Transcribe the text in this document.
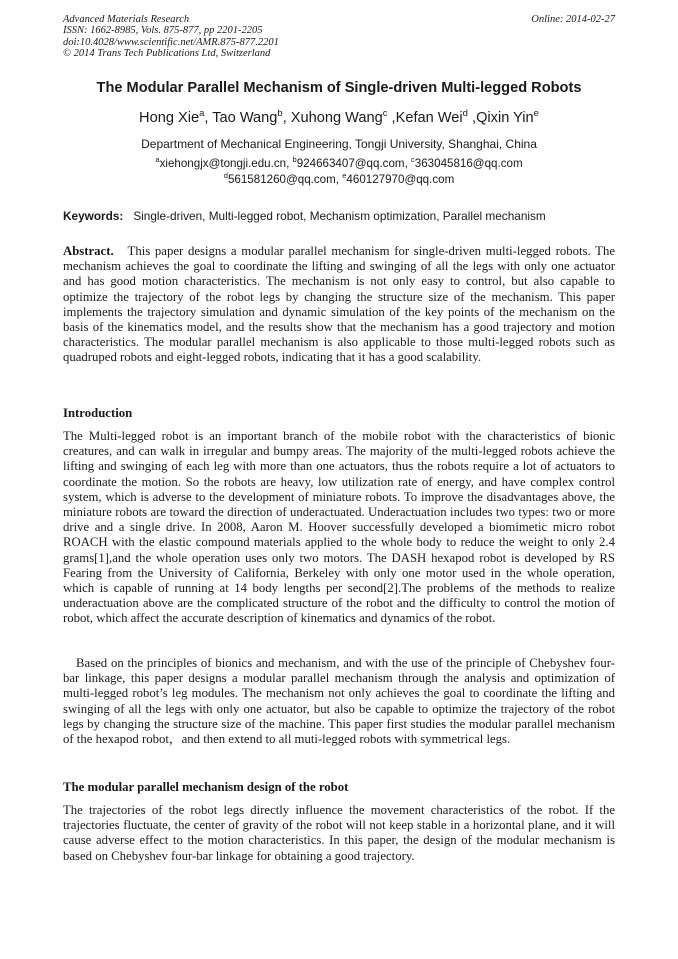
Advanced Materials Research
ISSN: 1662-8985, Vols. 875-877, pp 2201-2205
doi:10.4028/www.scientific.net/AMR.875-877.2201
© 2014 Trans Tech Publications Ltd, Switzerland
Online: 2014-02-27
The Modular Parallel Mechanism of Single-driven Multi-legged Robots
Hong Xie$^a$, Tao Wang$^b$, Xuhong Wang$^c$ ,Kefan Wei$^d$ ,Qixin Yin$^e$
Department of Mechanical Engineering, Tongji University, Shanghai, China
$^a$xiehongjx@tongji.edu.cn, $^b$924663407@qq.com, $^c$363045816@qq.com
$^d$561581260@qq.com, $^e$460127970@qq.com
Keywords: Single-driven, Multi-legged robot, Mechanism optimization, Parallel mechanism
Abstract. This paper designs a modular parallel mechanism for single-driven multi-legged robots. The mechanism achieves the goal to coordinate the lifting and swinging of all the legs with only one actuator and has good motion characteristics. The mechanism is not only easy to control, but also capable to optimize the trajectory of the robot legs by changing the structure size of the mechanism. This paper implements the trajectory simulation and dynamic simulation of the key points of the mechanism on the basis of the kinematics model, and the results show that the mechanism has a good trajectory and motion characteristics. The modular parallel mechanism is also applicable to those multi-legged robots such as quadruped robots and eight-legged robots, indicating that it has a good scalability.
Introduction
The Multi-legged robot is an important branch of the mobile robot with the characteristics of bionic creatures, and can walk in irregular and bumpy areas. The majority of the multi-legged robots achieve the lifting and swinging of each leg with more than one actuators, thus the robots require a lot of actuators to coordinate the motion. So the robots are heavy, low utilization rate of energy, and have complex control system, which is adverse to the development of miniature robots. To improve the disadvantages above, the miniature robots are toward the direction of underactuated. Underactuation includes two types: two or more drive and a single drive. In 2008, Aaron M. Hoover successfully developed a biomimetic micro robot ROACH with the elastic compound materials applied to the whole body to reduce the weight to only 2.4 grams[1],and the whole operation uses only two motors. The DASH hexapod robot is developed by RS Fearing from the University of California, Berkeley with only one motor used in the whole operation, which is capable of running at 14 body lengths per second[2].The problems of the methods to realize underactuation above are the complicated structure of the robot and the difficulty to control the motion of robot, which affect the accurate description of kinematics and dynamics of the robot.
Based on the principles of bionics and mechanism, and with the use of the principle of Chebyshev four-bar linkage, this paper designs a modular parallel mechanism through the analysis and optimization of multi-legged robot’s leg modules. The mechanism not only achieves the goal to coordinate the lifting and swinging of all the legs with only one actuator, but also be capable to optimize the trajectory of the robot legs by changing the structure size of the machine. This paper first studies the modular parallel mechanism of the hexapod robot，and then extend to all muti-legged robots with symmetrical legs.
The modular parallel mechanism design of the robot
The trajectories of the robot legs directly influence the movement characteristics of the robot. If the trajectories fluctuate, the center of gravity of the robot will not keep stable in a horizontal plane, and it will cause adverse effect to the motion characteristics. In this paper, the design of the modular mechanism is based on Chebyshev four-bar linkage for obtaining a good trajectory.
